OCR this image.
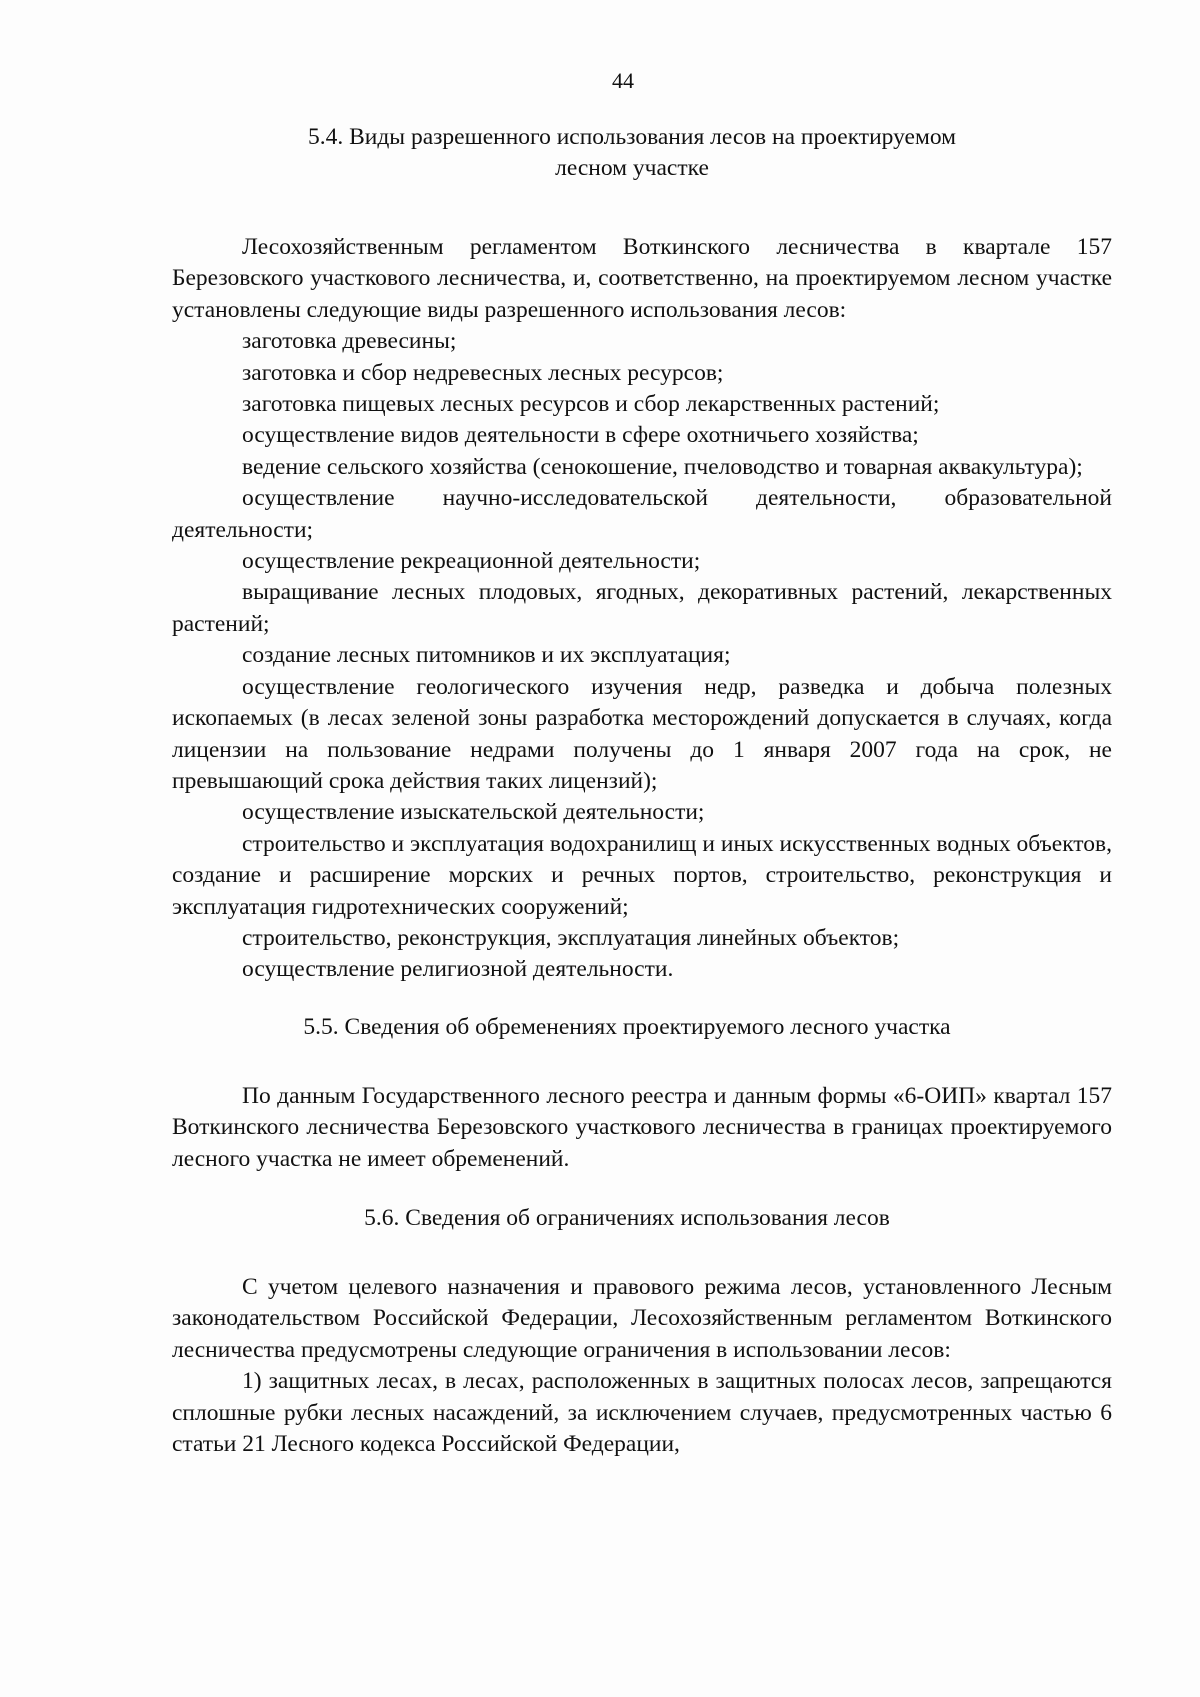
44
5.4. Виды разрешенного использования лесов на проектируемом
лесном участке

Лесохозяйственным регламентом Воткинского лесничества в квартале 157 Березовского участкового лесничества, и, соответственно, на проектируемом лесном участке установлены следующие виды разрешенного использования лесов:

заготовка древесины;
заготовка и сбор недревесных лесных ресурсов;
заготовка пищевых лесных ресурсов и сбор лекарственных растений;
осуществление видов деятельности в сфере охотничьего хозяйства;
ведение сельского хозяйства (сенокошение, пчеловодство и товарная аквакультура);
осуществление научно-исследовательской деятельности, образовательной деятельности;
осуществление рекреационной деятельности;
выращивание лесных плодовых, ягодных, декоративных растений, лекарственных растений;
создание лесных питомников и их эксплуатация;
осуществление геологического изучения недр, разведка и добыча полезных ископаемых (в лесах зеленой зоны разработка месторождений допускается в случаях, когда лицензии на пользование недрами получены до 1 января 2007 года на срок, не превышающий срока действия таких лицензий);
осуществление изыскательской деятельности;
строительство и эксплуатация водохранилищ и иных искусственных водных объектов, создание и расширение морских и речных портов, строительство, реконструкция и эксплуатация гидротехнических сооружений;
строительство, реконструкция, эксплуатация линейных объектов;
осуществление религиозной деятельности.
5.5. Сведения об обременениях проектируемого лесного участка

По данным Государственного лесного реестра и данным формы «6-ОИП» квартал 157 Воткинского лесничества Березовского участкового лесничества в границах проектируемого лесного участка не имеет обременений.

5.6. Сведения об ограничениях использования лесов

С учетом целевого назначения и правового режима лесов, установленного Лесным законодательством Российской Федерации, Лесохозяйственным регламентом Воткинского лесничества предусмотрены следующие ограничения в использовании лесов:

1) защитных лесах, в лесах, расположенных в защитных полосах лесов, запрещаются сплошные рубки лесных насаждений, за исключением случаев, предусмотренных частью 6 статьи 21 Лесного кодекса Российской Федерации,
